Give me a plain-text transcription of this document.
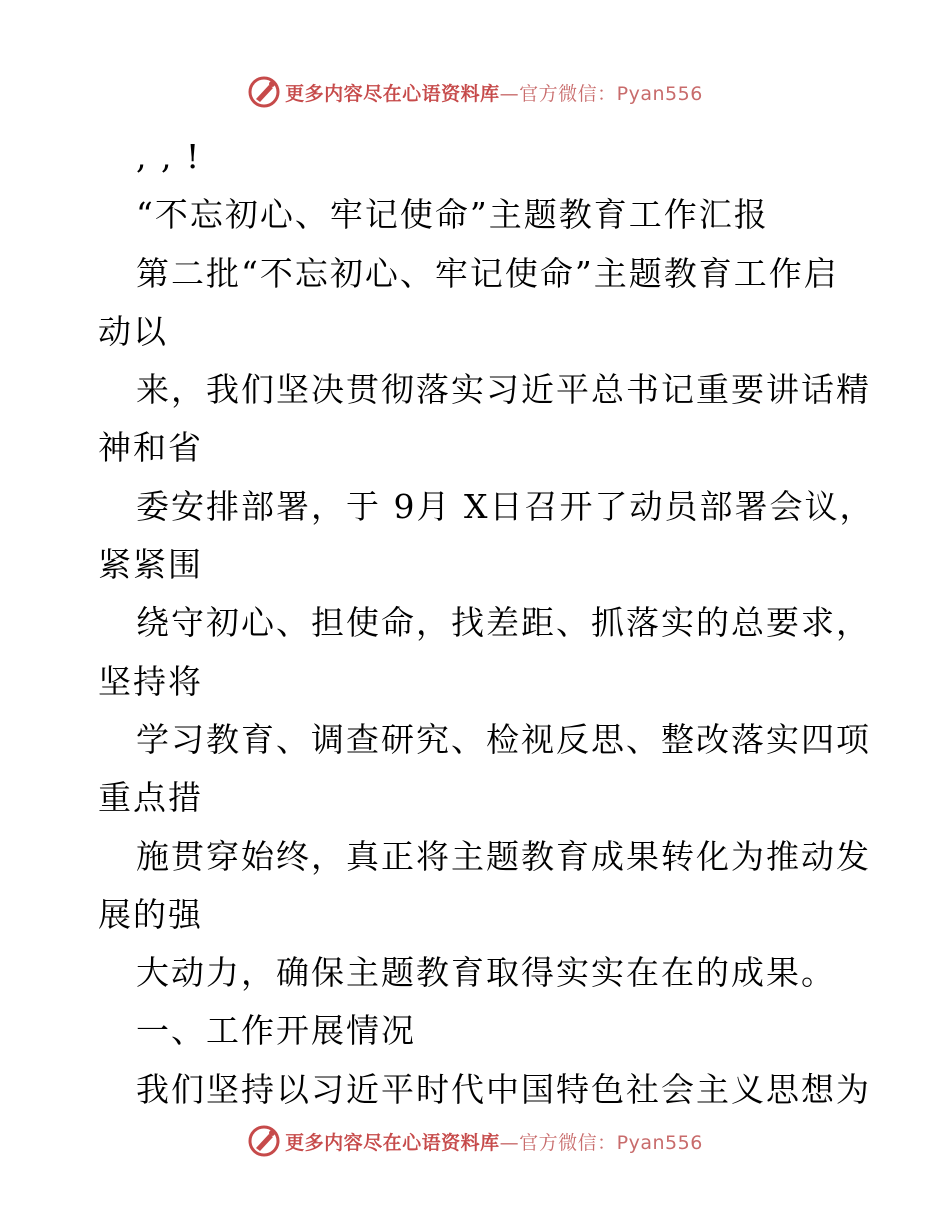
更多内容尽在心语资料库 —官方微信：Pyan556
, , !
“不忘初心、牢记使命”主题教育工作汇报
第二批“不忘初心、牢记使命”主题教育工作启
动以
来，我们坚决贯彻落实习近平总书记重要讲话精
神和省
委安排部署，于 9月 X日召开了动员部署会议，
紧紧围
绕守初心、担使命，找差距、抓落实的总要求，
坚持将
学习教育、调查研究、检视反思、整改落实四项
重点措
施贯穿始终，真正将主题教育成果转化为推动发
展的强
大动力，确保主题教育取得实实在在的成果。
一、工作开展情况
我们坚持以习近平时代中国特色社会主义思想为
更多内容尽在心语资料库 —官方微信：Pyan556
